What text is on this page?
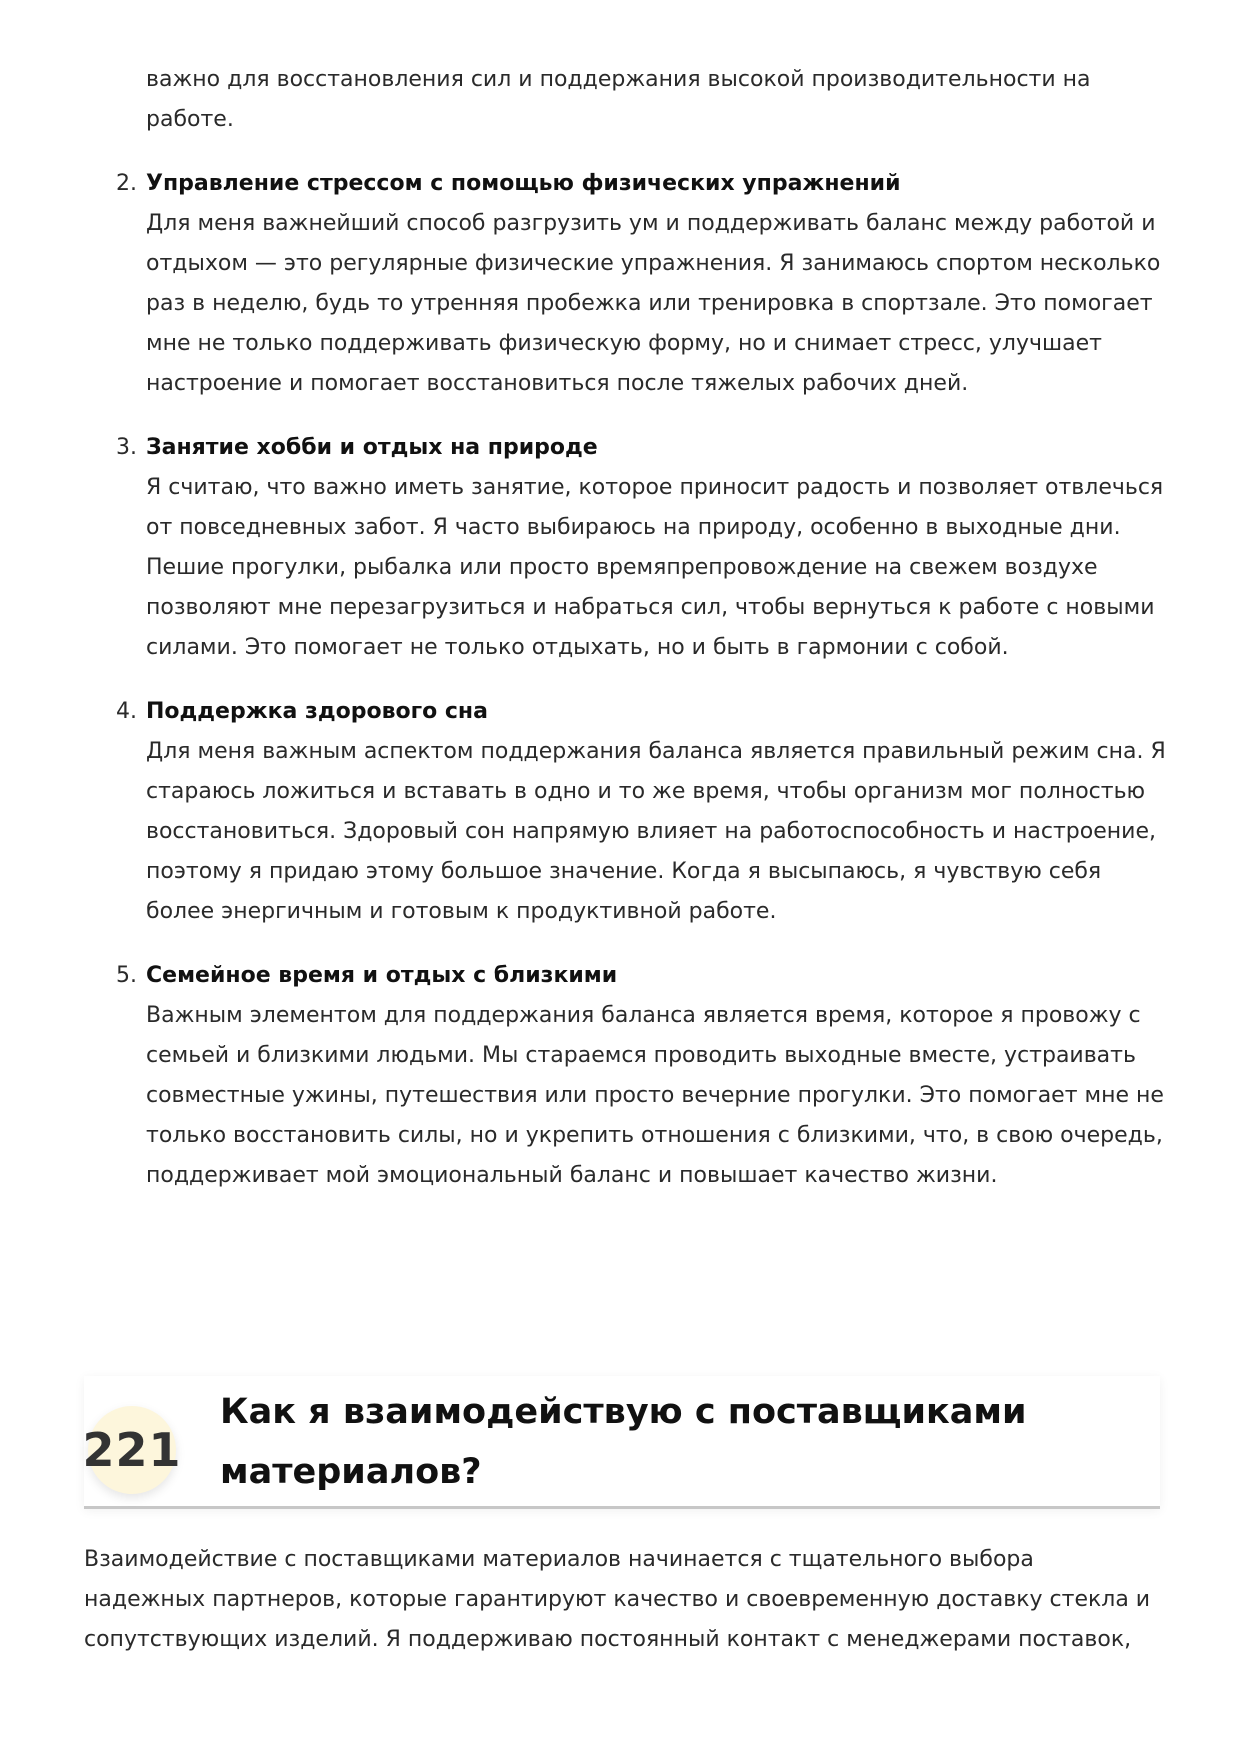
важно для восстановления сил и поддержания высокой производительности на работе.
2. Управление стрессом с помощью физических упражнений
Для меня важнейший способ разгрузить ум и поддерживать баланс между работой и отдыхом — это регулярные физические упражнения. Я занимаюсь спортом несколько раз в неделю, будь то утренняя пробежка или тренировка в спортзале. Это помогает мне не только поддерживать физическую форму, но и снимает стресс, улучшает настроение и помогает восстановиться после тяжелых рабочих дней.
3. Занятие хобби и отдых на природе
Я считаю, что важно иметь занятие, которое приносит радость и позволяет отвлечься от повседневных забот. Я часто выбираюсь на природу, особенно в выходные дни. Пешие прогулки, рыбалка или просто времяпрепровождение на свежем воздухе позволяют мне перезагрузиться и набраться сил, чтобы вернуться к работе с новыми силами. Это помогает не только отдыхать, но и быть в гармонии с собой.
4. Поддержка здорового сна
Для меня важным аспектом поддержания баланса является правильный режим сна. Я стараюсь ложиться и вставать в одно и то же время, чтобы организм мог полностью восстановиться. Здоровый сон напрямую влияет на работоспособность и настроение, поэтому я придаю этому большое значение. Когда я высыпаюсь, я чувствую себя более энергичным и готовым к продуктивной работе.
5. Семейное время и отдых с близкими
Важным элементом для поддержания баланса является время, которое я провожу с семьей и близкими людьми. Мы стараемся проводить выходные вместе, устраивать совместные ужины, путешествия или просто вечерние прогулки. Это помогает мне не только восстановить силы, но и укрепить отношения с близкими, что, в свою очередь, поддерживает мой эмоциональный баланс и повышает качество жизни.
221
Как я взаимодействую с поставщиками материалов?
Взаимодействие с поставщиками материалов начинается с тщательного выбора надежных партнеров, которые гарантируют качество и своевременную доставку стекла и сопутствующих изделий. Я поддерживаю постоянный контакт с менеджерами поставок,
